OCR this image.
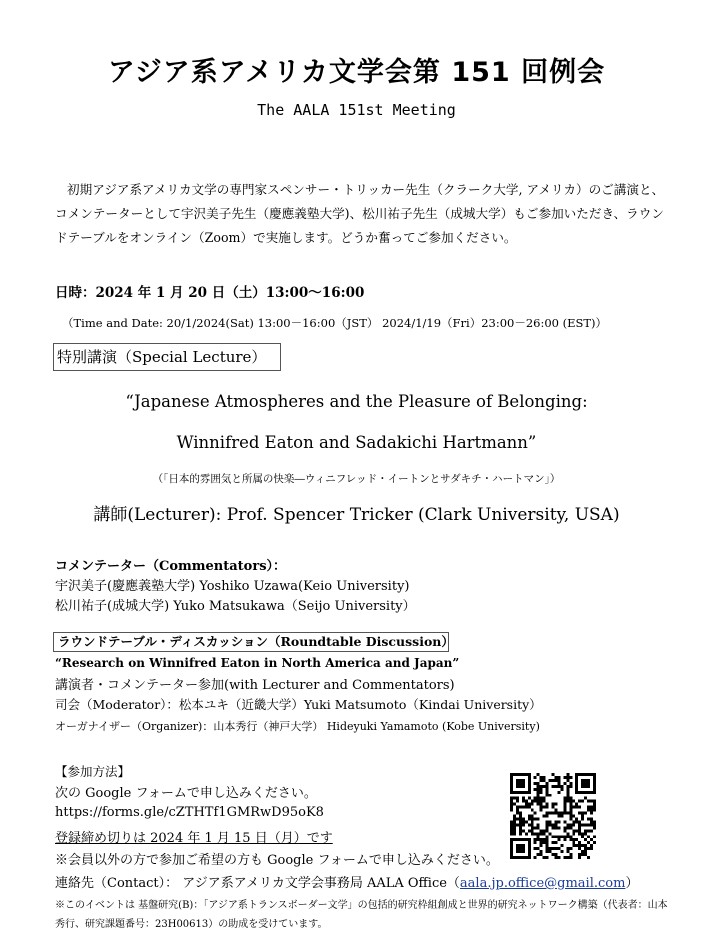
アジア系アメリカ文学会第 151 回例会
The AALA 151st Meeting
初期アジア系アメリカ文学の専門家スペンサー・トリッカー先生（クラーク大学, アメリカ）のご講演と、コメンテーターとして宇沢美子先生（慶應義塾大学)、松川祐子先生（成城大学）もご参加いただき、ラウンドテーブルをオンライン（Zoom）で実施します。どうか奮ってご参加ください。
日時：2024 年 1 月 20 日（土）13:00〜16:00
（Time and Date: 20/1/2024(Sat) 13:00－16:00（JST） 2024/1/19（Fri）23:00－26:00 (EST)）
特別講演（Special Lecture）
“Japanese Atmospheres and the Pleasure of Belonging:
Winnifred Eaton and Sadakichi Hartmann”
（「日本的雰囲気と所属の快楽―ウィニフレッド・イートンとサダキチ・ハートマン」）
講師(Lecturer): Prof. Spencer Tricker (Clark University, USA)
コメンテーター（Commentators）：
宇沢美子(慶應義塾大学) Yoshiko Uzawa(Keio University)
松川祐子(成城大学) Yuko Matsukawa（Seijo University）
ラウンドテーブル・ディスカッション（Roundtable Discussion）
“Research on Winnifred Eaton in North America and Japan”
講演者・コメンテーター参加(with Lecturer and Commentators)
司会（Moderator）：松本ユキ（近畿大学）Yuki Matsumoto（Kindai University）
オーガナイザー（Organizer)：山本秀行（神戸大学） Hideyuki Yamamoto (Kobe University)
【参加方法】
次の Google フォームで申し込みください。
https://forms.gle/cZTHTf1GMRwD95oK8
登録締め切りは 2024 年 1 月 15 日（月）です
※会員以外の方で参加ご希望の方も Google フォームで申し込みください。
連絡先（Contact）： アジア系アメリカ文学会事務局 AALA Office（aala.jp.office@gmail.com）
※このイベントは 基盤研究(B)：「アジア系トランスボーダー文学」の包括的研究枠組創成と世界的研究ネットワーク構築（代表者：山本秀行、研究課題番号：23H00613）の助成を受けています。
